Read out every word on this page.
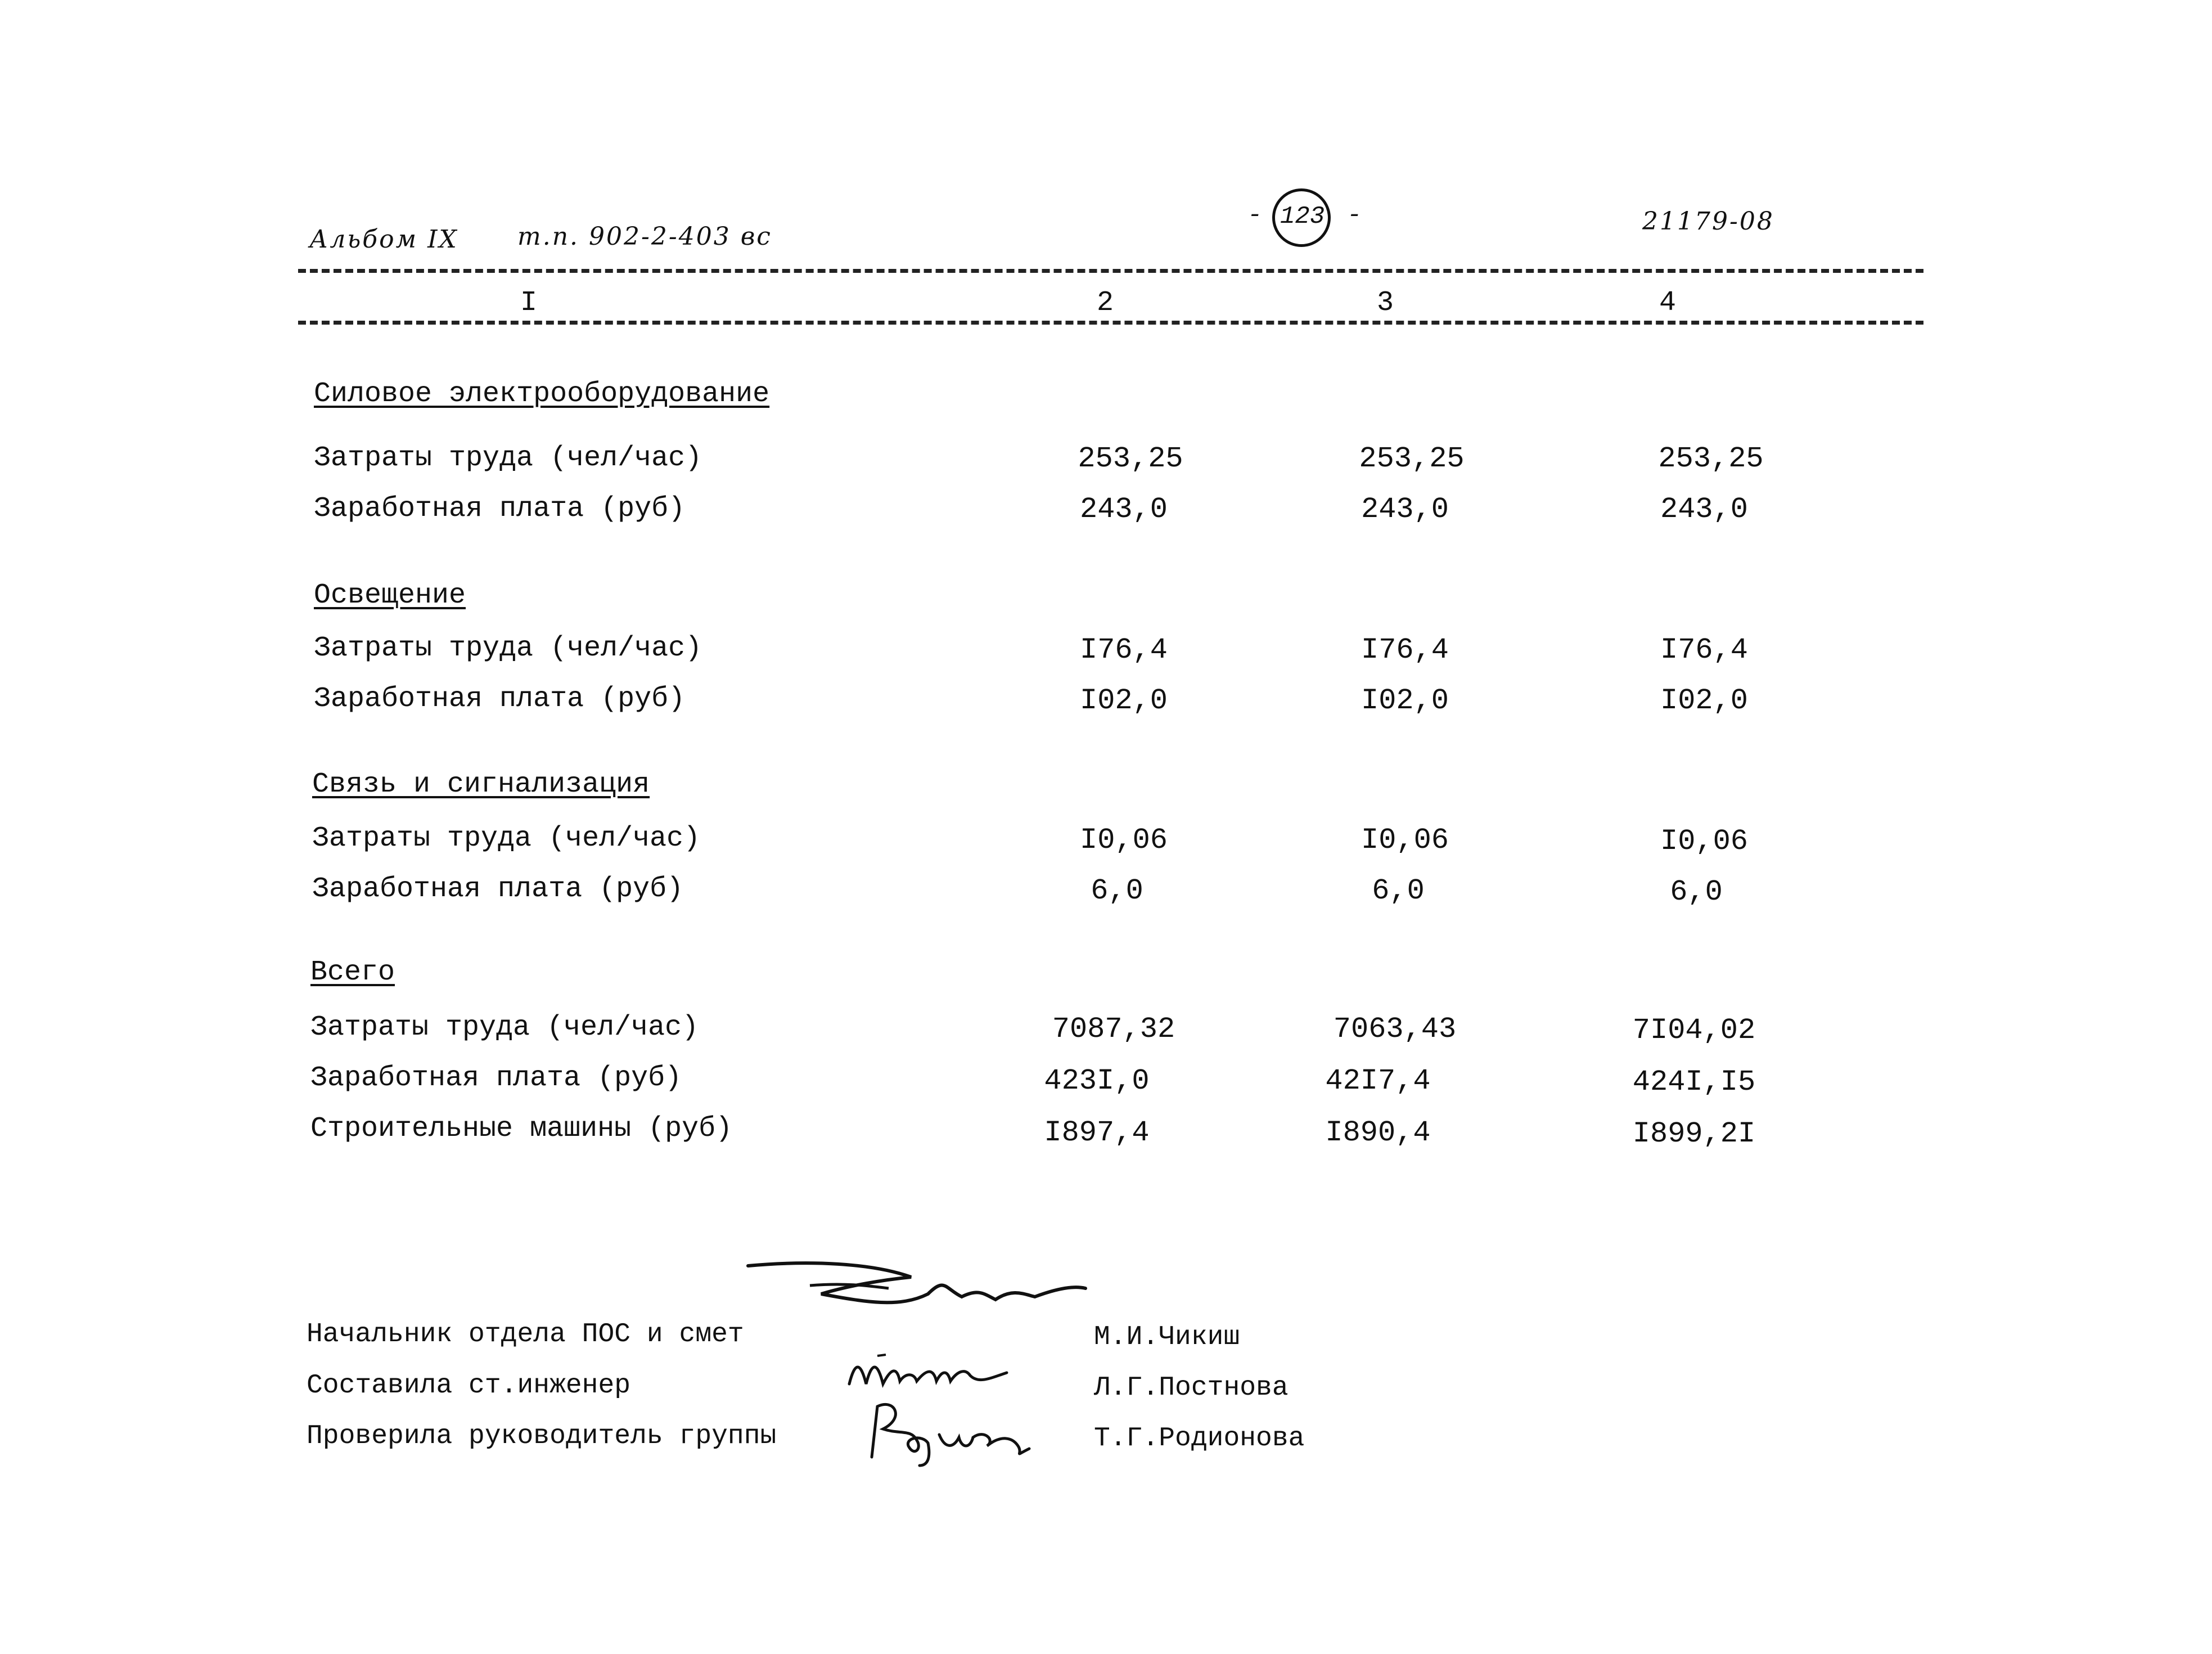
Альбом IX т.п. 902-2-403 вс
- 123 -	21179-08
I	2	3	4
Силовое электрооборудование
Затраты труда (чел/час)	253,25	253,25	253,25
Заработная плата (руб)	243,0	243,0	243,0
Освещение
Затраты труда (чел/час)	I76,4	I76,4	I76,4
Заработная плата (руб)	I02,0	I02,0	I02,0
Связь и сигнализация
Затраты труда (чел/час)	I0,06	I0,06	I0,06
Заработная плата (руб)	6,0	6,0	6,0
Всего
Затраты труда (чел/час)	7087,32	7063,43	7I04,02
Заработная плата (руб)	423I,0	42I7,4	424I,I5
Строительные машины (руб)	I897,4	I890,4	I899,2I
Начальник отдела ПОС и смет
Составила ст.инженер
Проверила руководитель группы
М.И.Чикиш
Л.Г.Постнова
Т.Г.Родионова
